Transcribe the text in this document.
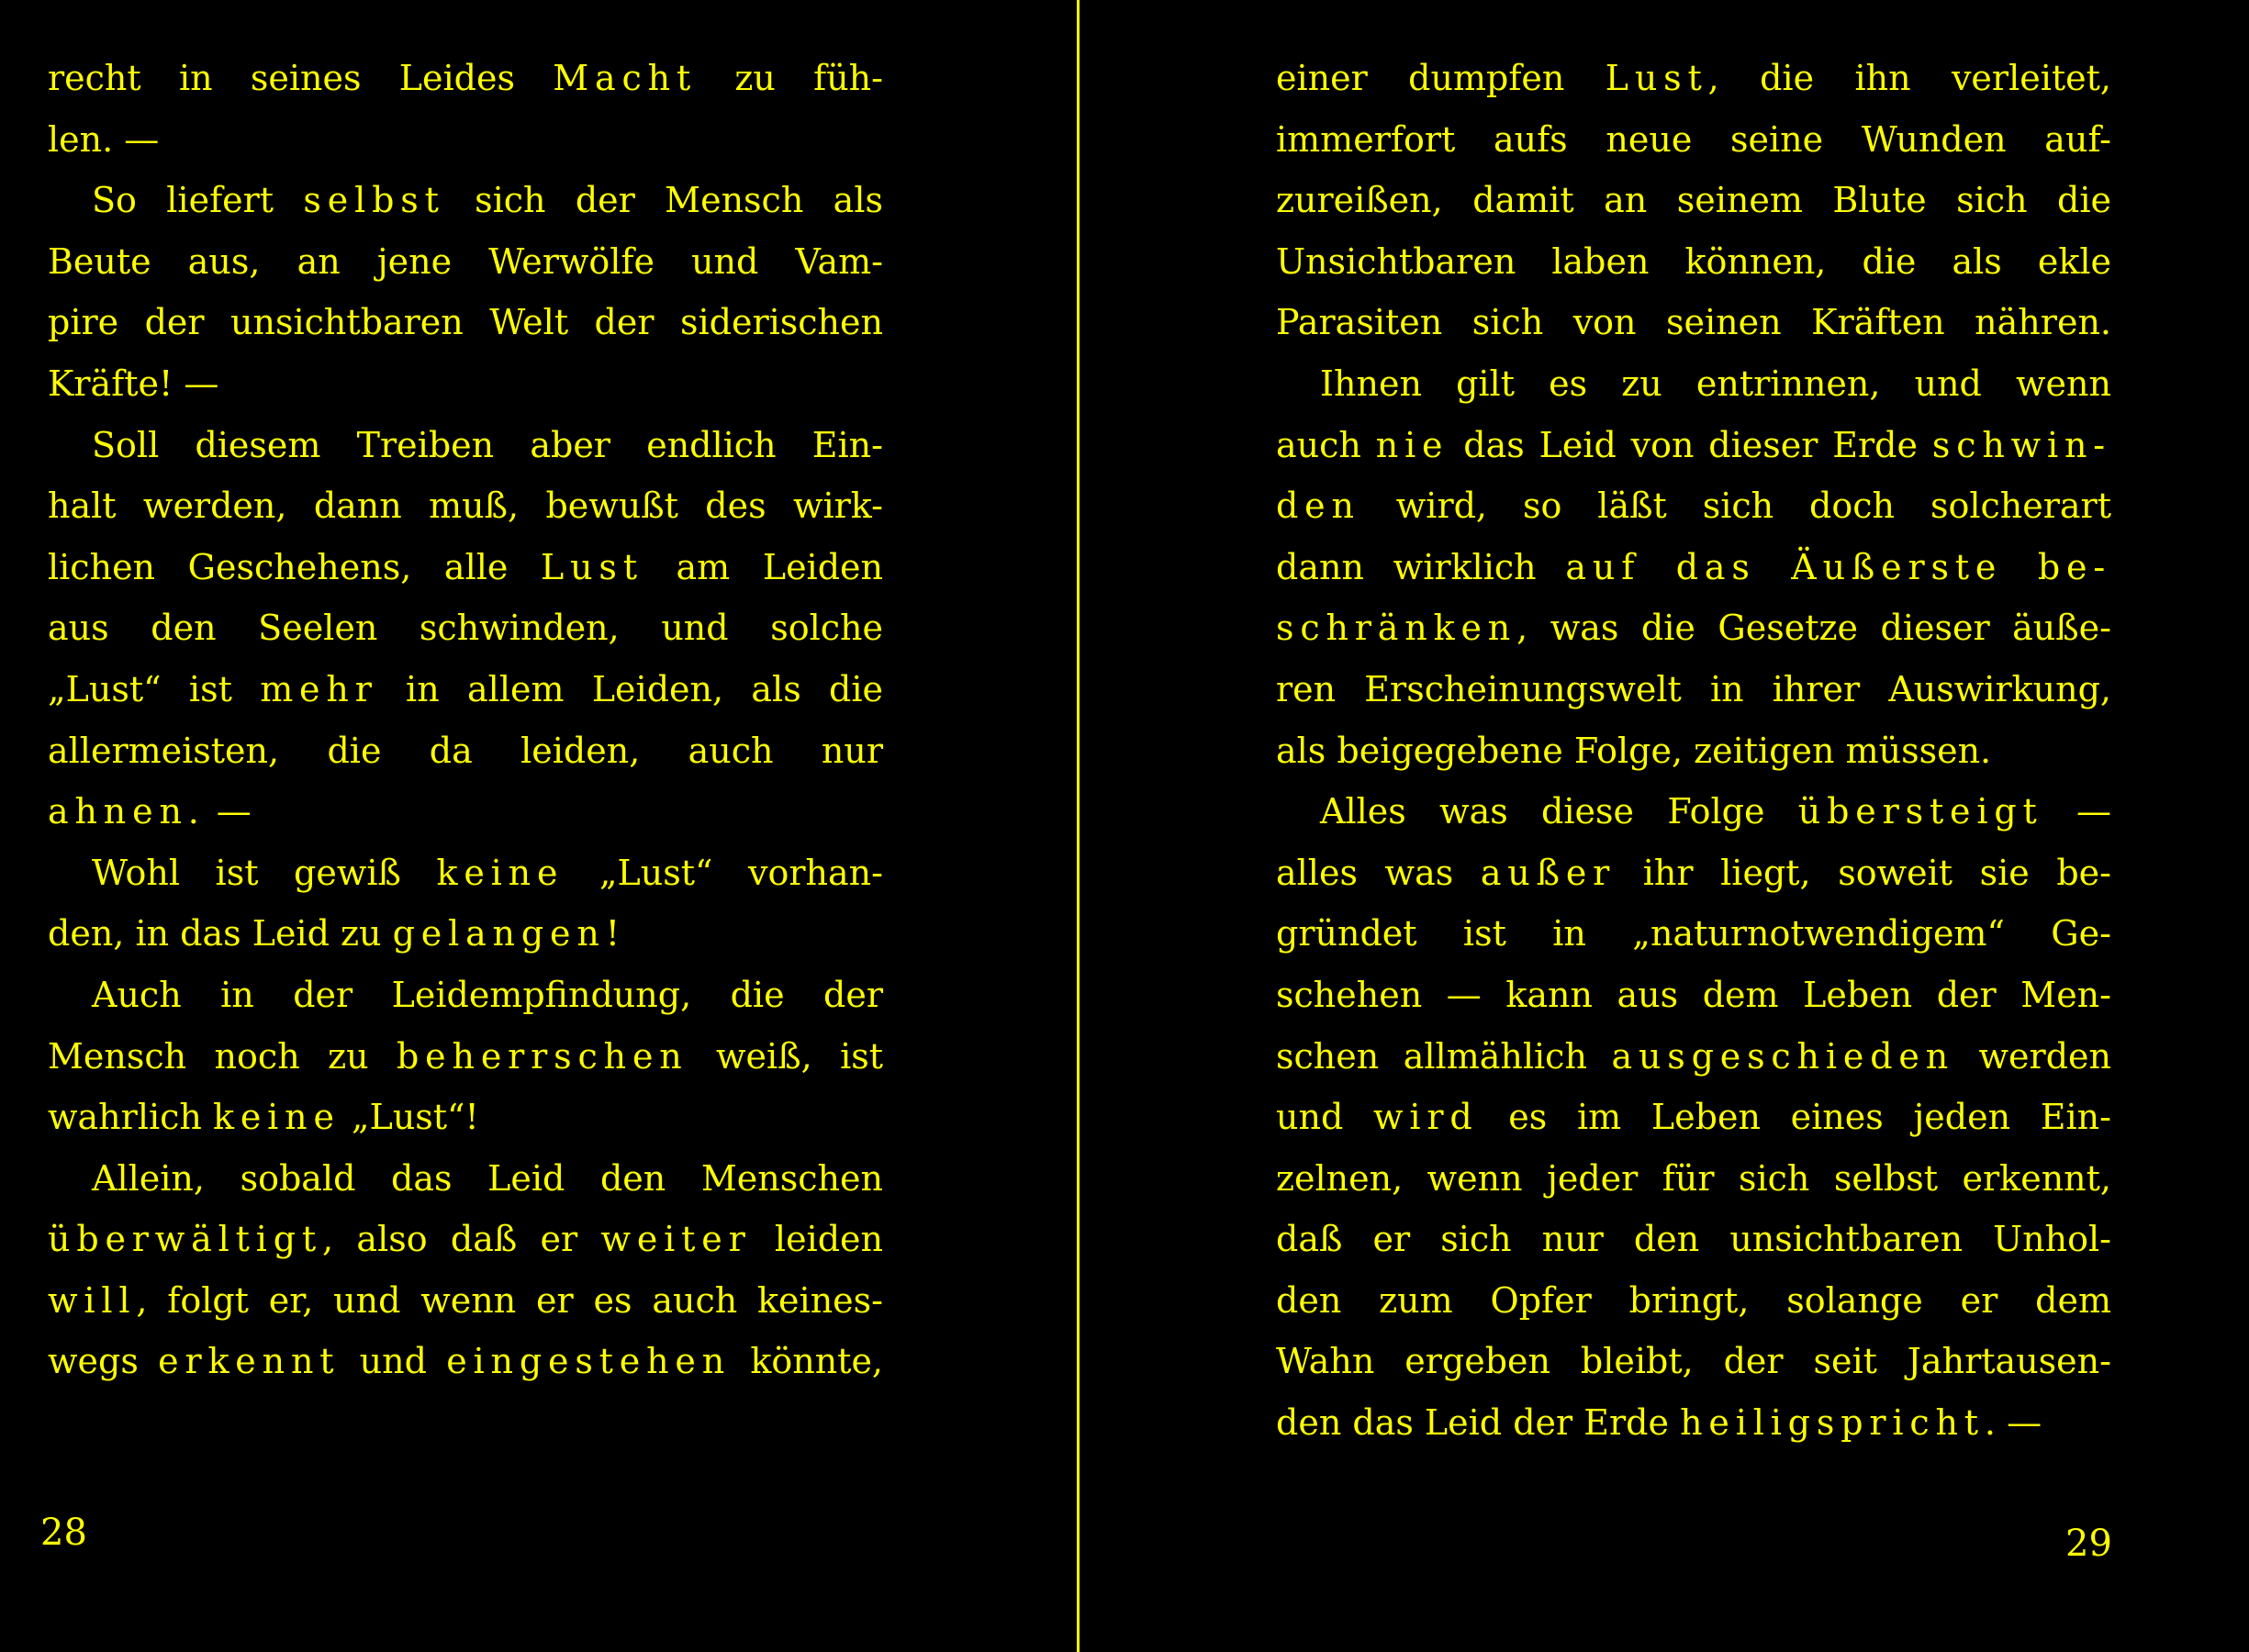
recht in seines Leides Macht zu füh-
len. —
So liefert selbst sich der Mensch als
Beute aus, an jene Werwölfe und Vam-
pire der unsichtbaren Welt der siderischen
Kräfte! —
Soll diesem Treiben aber endlich Ein-
halt werden, dann muß, bewußt des wirk-
lichen Geschehens, alle Lust am Leiden
aus den Seelen schwinden, und solche
„Lust“ ist mehr in allem Leiden, als die
allermeisten, die da leiden, auch nur
ahnen. —
Wohl ist gewiß keine „Lust“ vorhan-
den, in das Leid zu gelangen!
Auch in der Leidempfindung, die der
Mensch noch zu beherrschen weiß, ist
wahrlich keine „Lust“!
Allein, sobald das Leid den Menschen
überwältigt, also daß er weiter leiden
will, folgt er, und wenn er es auch keines-
wegs erkennt und eingestehen könnte,
28
einer dumpfen Lust, die ihn verleitet,
immerfort aufs neue seine Wunden auf-
zureißen, damit an seinem Blute sich die
Unsichtbaren laben können, die als ekle
Parasiten sich von seinen Kräften nähren.
Ihnen gilt es zu entrinnen, und wenn
auch nie das Leid von dieser Erde schwin-
den wird, so läßt sich doch solcherart
dann wirklich auf das Äußerste be-
schränken, was die Gesetze dieser äuße-
ren Erscheinungswelt in ihrer Auswirkung,
als beigegebene Folge, zeitigen müssen.
Alles was diese Folge übersteigt —
alles was außer ihr liegt, soweit sie be-
gründet ist in „naturnotwendigem“ Ge-
schehen — kann aus dem Leben der Men-
schen allmählich ausgeschieden werden
und wird es im Leben eines jeden Ein-
zelnen, wenn jeder für sich selbst erkennt,
daß er sich nur den unsichtbaren Unhol-
den zum Opfer bringt, solange er dem
Wahn ergeben bleibt, der seit Jahrtausen-
den das Leid der Erde heiligspricht. —
29
